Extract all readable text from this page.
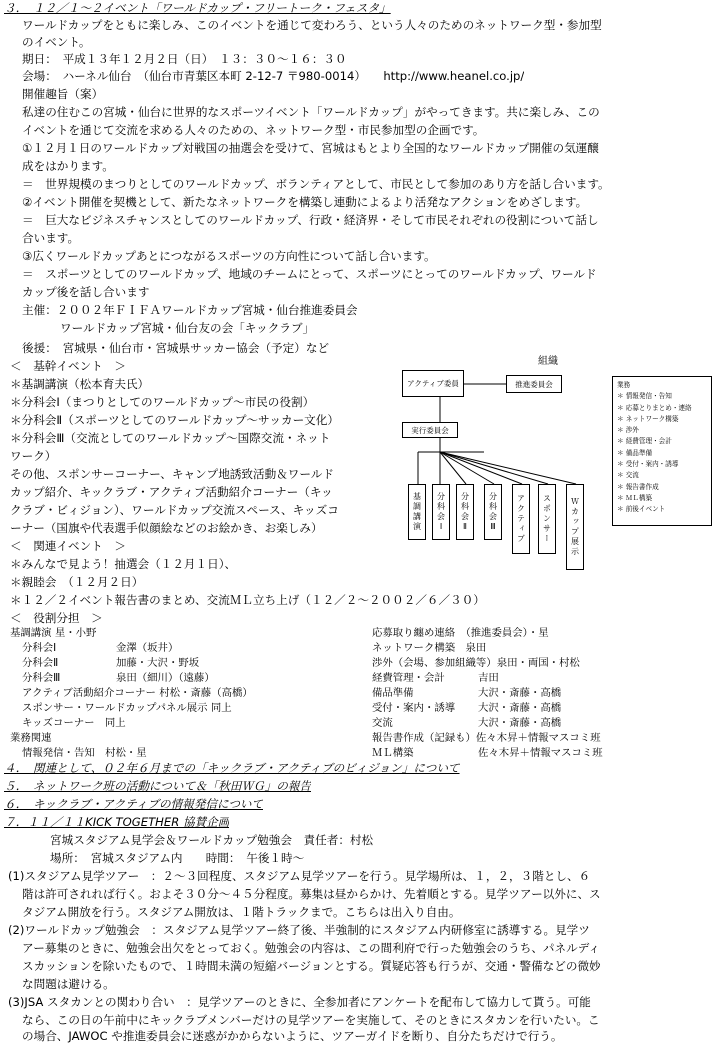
３．　１２／１～２イベント「ワールドカップ・フリートーク・フェスタ」
ワールドカップをともに楽しみ、このイベントを通じて変わろう、という人々のためのネットワーク型・参加型
のイベント。
期日：　平成１３年１２月２日（日）　１３：３０～１６：３０
会場：　ハーネル仙台　（仙台市青葉区本町 2-12-7 〒980-0014）　　http://www.heanel.co.jp/
開催趣旨（案）
私達の住むこの宮城・仙台に世界的なスポーツイベント「ワールドカップ」がやってきます。共に楽しみ、この
イベントを通じて交流を求める人々のための、ネットワーク型・市民参加型の企画です。
①１２月１日のワールドカップ対戦国の抽選会を受けて、宮城はもとより全国的なワールドカップ開催の気運醸
成をはかります。
＝　世界規模のまつりとしてのワールドカップ、ボランティアとして、市民として参加のあり方を話し合います。
②イベント開催を契機として、新たなネットワークを構築し連動によるより活発なアクションをめざします。
＝　巨大なビジネスチャンスとしてのワールドカップ、行政・経済界・そして市民それぞれの役割について話し
合います。
③広くワールドカップあとにつながるスポーツの方向性について話し合います。
＝　スポーツとしてのワールドカップ、地域のチームにとって、スポーツにとってのワールドカップ、ワールド
カップ後を話し合います
主催：２００２年ＦＩＦＡワールドカップ宮城・仙台推進委員会
ワールドカップ宮城・仙台友の会「キックラブ」
後援：　宮城県・仙台市・宮城県サッカー協会（予定）など
＜　基幹イベント　＞
＊基調講演（松本育夫氏）
＊分科会Ⅰ（まつりとしてのワールドカップ～市民の役割）
＊分科会Ⅱ（スポーツとしてのワールドカップ～サッカー文化）
＊分科会Ⅲ（交流としてのワールドカップ～国際交流・ネット
ワーク）
その他、スポンサーコーナー、キャンプ地誘致活動＆ワールド
カップ紹介、キックラブ・アクティブ活動紹介コーナー（キッ
クラブ・ビィジョン）、ワールドカップ交流スペース、キッズコ
ーナー（国旗や代表選手似顔絵などのお絵かき、お楽しみ）
＜　関連イベント　＞
＊みんなで見よう！抽選会（１２月１日）、
＊親睦会　（１２月２日）
＊１２／２イベント報告書のまとめ、交流ＭＬ立ち上げ（１２／２～２００２／６／３０）
＜　役割分担　＞
基調講演 星・小野
分科会Ⅰ	金澤（坂井）
分科会Ⅱ	加藤・大沢・野坂
分科会Ⅲ	泉田（細川）（遠藤）
アクティブ活動紹介コーナー 村松・斎藤（高橋）
スポンサー・ワールドカップパネル展示 同上
キッズコーナー　 同上
業務関連
情報発信・告知　 村松・星
応募取り纏め連絡　 （推進委員会）・星
ネットワーク構築　 泉田
渉外（会場、参加組織等）泉田・両国・村松
経費管理・会計	吉田
備品準備	大沢・斎藤・高橋
受付・案内・誘導 大沢・斎藤・高橋
交流	大沢・斎藤・高橋
報告書作成（記録も）佐々木昇＋情報マスコミ班
ＭＬ構築	佐々木昇＋情報マスコミ班
組織
アクティブ委員	推進委員会
実行委員会
基調講演	分科会Ⅰ	分科会Ⅱ	分科会Ⅲ	アクティブ	スポンサー	Ｗカップ展示
業務
＊ 情報発信・告知
＊ 応募とりまとめ・連絡
＊ ネットワーク構築
＊ 渉外
＊ 経費管理・会計
＊ 備品準備
＊ 受付・案内・誘導
＊ 交流
＊ 報告書作成
＊ ＭＬ構築
＊ 前後イベント
４．　関連として、０２年６月までの「キックラブ・アクティブのビィジョン」について
５．　ネットワーク班の活動について＆「秋田ＷＧ」の報告
６．　キックラブ・アクティブの情報発信について
７．１１／１１KICK TOGETHER 協賛企画
宮城スタジアム見学会＆ワールドカップ勉強会　責任者：村松
場所：　宮城スタジアム内　　時間：　午後１時～
(1)スタジアム見学ツアー　：２～３回程度、スタジアム見学ツアーを行う。見学場所は、１，２，３階とし、６
階は許可されれば行く。およそ３０分～４５分程度。募集は昼からかけ、先着順とする。見学ツアー以外に、ス
タジアム開放を行う。スタジアム開放は、１階トラックまで。こちらは出入り自由。
(2)ワールドカップ勉強会　：スタジアム見学ツアー終了後、半強制的にスタジアム内研修室に誘導する。見学ツ
アー募集のときに、勉強会出欠をとっておく。勉強会の内容は、この間利府で行った勉強会のうち、パネルディ
スカッションを除いたもので、１時間未満の短縮バージョンとする。質疑応答も行うが、交通・警備などの微妙
な問題は避ける。
(3)JSA スタカンとの関わり合い　：見学ツアーのときに、全参加者にアンケートを配布して協力して貰う。可能
なら、この日の午前中にキックラブメンバーだけの見学ツアーを実施して、そのときにスタカンを行いたい。こ
の場合、JAWOC や推進委員会に迷惑がかからないように、ツアーガイドを断り、自分たちだけで行う。
